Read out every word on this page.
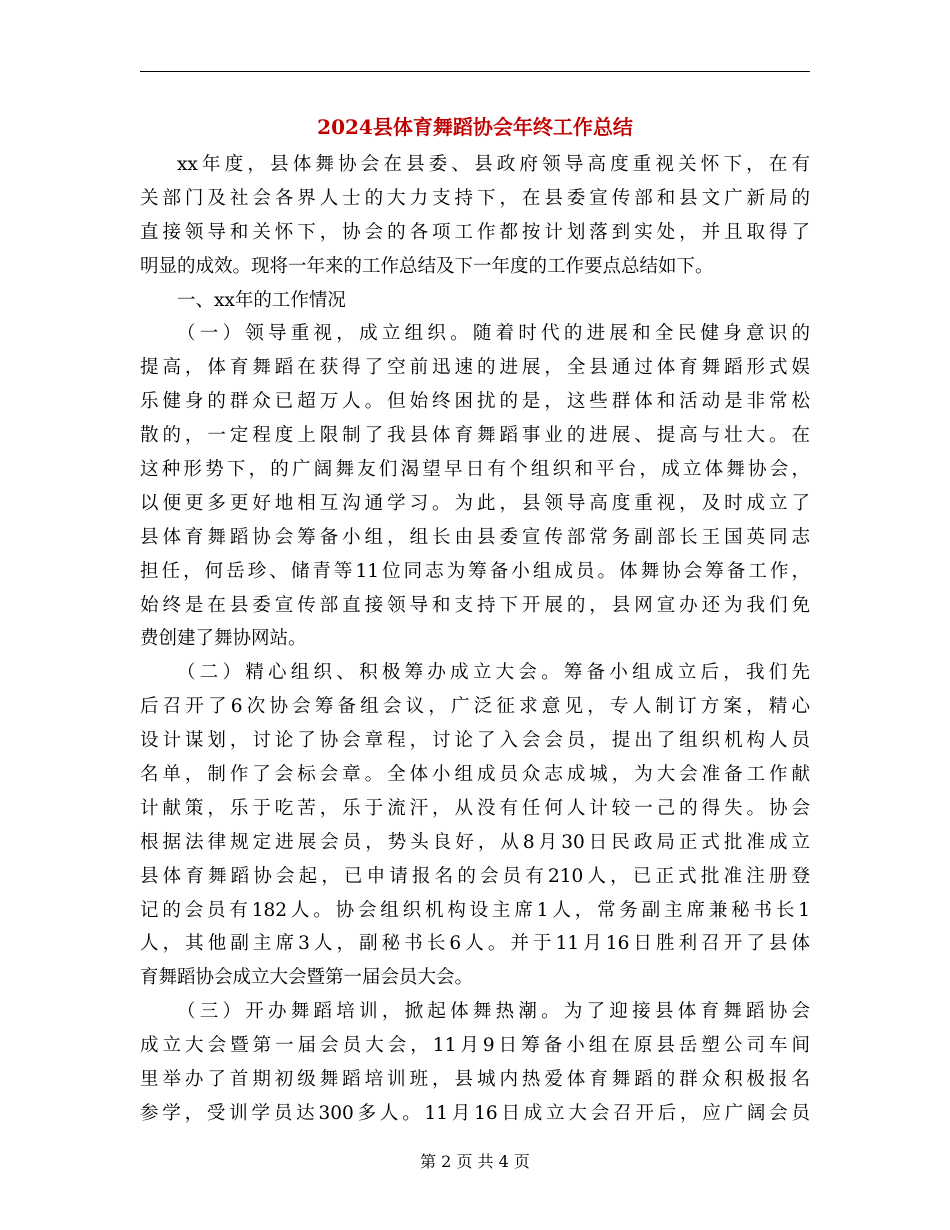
2024县体育舞蹈协会年终工作总结
xx年度，县体舞协会在县委、县政府领导高度重视关怀下，在有
关部门及社会各界人士的大力支持下，在县委宣传部和县文广新局的
直接领导和关怀下，协会的各项工作都按计划落到实处，并且取得了
明显的成效。现将一年来的工作总结及下一年度的工作要点总结如下。
一、xx年的工作情况
（一）领导重视，成立组织。随着时代的进展和全民健身意识的
提高，体育舞蹈在获得了空前迅速的进展，全县通过体育舞蹈形式娱
乐健身的群众已超万人。但始终困扰的是，这些群体和活动是非常松
散的，一定程度上限制了我县体育舞蹈事业的进展、提高与壮大。在
这种形势下，的广阔舞友们渴望早日有个组织和平台，成立体舞协会，
以便更多更好地相互沟通学习。为此，县领导高度重视，及时成立了
县体育舞蹈协会筹备小组，组长由县委宣传部常务副部长王国英同志
担任，何岳珍、储青等11位同志为筹备小组成员。体舞协会筹备工作，
始终是在县委宣传部直接领导和支持下开展的，县网宣办还为我们免
费创建了舞协网站。
（二）精心组织、积极筹办成立大会。筹备小组成立后，我们先
后召开了6次协会筹备组会议，广泛征求意见，专人制订方案，精心
设计谋划，讨论了协会章程，讨论了入会会员，提出了组织机构人员
名单，制作了会标会章。全体小组成员众志成城，为大会准备工作献
计献策，乐于吃苦，乐于流汗，从没有任何人计较一己的得失。协会
根据法律规定进展会员，势头良好，从8月30日民政局正式批准成立
县体育舞蹈协会起，已申请报名的会员有210人，已正式批准注册登
记的会员有182人。协会组织机构设主席1人，常务副主席兼秘书长1
人，其他副主席3人，副秘书长6人。并于11月16日胜利召开了县体
育舞蹈协会成立大会暨第一届会员大会。
（三）开办舞蹈培训，掀起体舞热潮。为了迎接县体育舞蹈协会
成立大会暨第一届会员大会，11月9日筹备小组在原县岳塑公司车间
里举办了首期初级舞蹈培训班，县城内热爱体育舞蹈的群众积极报名
参学，受训学员达300多人。11月16日成立大会召开后，应广阔会员
第 2 页 共 4 页
